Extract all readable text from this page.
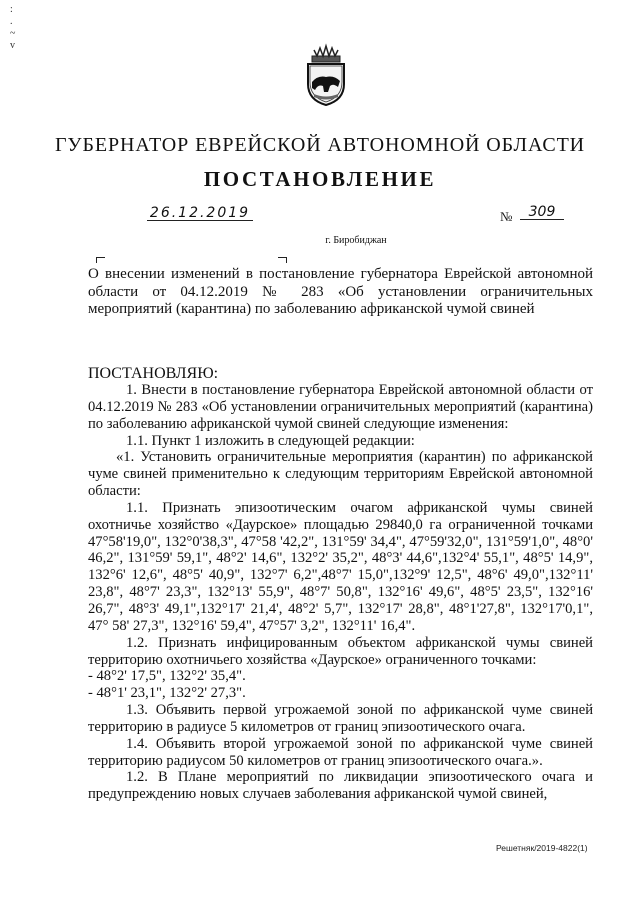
:
.
~
v
ГУБЕРНАТОР ЕВРЕЙСКОЙ АВТОНОМНОЙ ОБЛАСТИ
ПОСТАНОВЛЕНИЕ
26.12.2019	№	309
г. Биробиджан
О внесении изменений в постановление губернатора Еврейской автономной области от 04.12.2019 № 283 «Об установлении ограничительных мероприятий (карантина) по заболеванию африканской чумой свиней
ПОСТАНОВЛЯЮ:

1. Внести в постановление губернатора Еврейской автономной области от 04.12.2019 № 283 «Об установлении ограничительных мероприятий (карантина) по заболеванию африканской чумой свиней следующие изменения:

1.1. Пункт 1 изложить в следующей редакции:

«1. Установить ограничительные мероприятия (карантин) по африканской чуме свиней применительно к следующим территориям Еврейской автономной области:

1.1. Признать эпизоотическим очагом африканской чумы свиней охотничье хозяйство «Даурское» площадью 29840,0 га ограниченной точками 47°58'19,0", 132°0'38,3", 47°58 '42,2", 131°59' 34,4", 47°59'32,0", 131°59'1,0", 48°0' 46,2", 131°59' 59,1", 48°2' 14,6", 132°2' 35,2", 48°3' 44,6",132°4' 55,1", 48°5' 14,9", 132°6' 12,6", 48°5' 40,9", 132°7' 6,2",48°7' 15,0",132°9' 12,5", 48°6' 49,0",132°11' 23,8", 48°7' 23,3", 132°13' 55,9", 48°7' 50,8", 132°16' 49,6", 48°5' 23,5", 132°16' 26,7", 48°3' 49,1",132°17' 21,4', 48°2' 5,7", 132°17' 28,8", 48°1'27,8", 132°17'0,1", 47° 58' 27,3", 132°16' 59,4", 47°57' 3,2", 132°11' 16,4".

1.2. Признать инфицированным объектом африканской чумы свиней территорию охотничьего хозяйства «Даурское» ограниченного точками:

- 48°2' 17,5", 132°2' 35,4".

- 48°1' 23,1", 132°2' 27,3".

1.3. Объявить первой угрожаемой зоной по африканской чуме свиней территорию в радиусе 5 километров от границ эпизоотического очага.

1.4. Объявить второй угрожаемой зоной по африканской чуме свиней территорию радиусом 50 километров от границ эпизоотического очага.».

1.2. В Плане мероприятий по ликвидации эпизоотического очага и предупреждению новых случаев заболевания африканской чумой свиней,

Решетняк/2019-4822(1)
